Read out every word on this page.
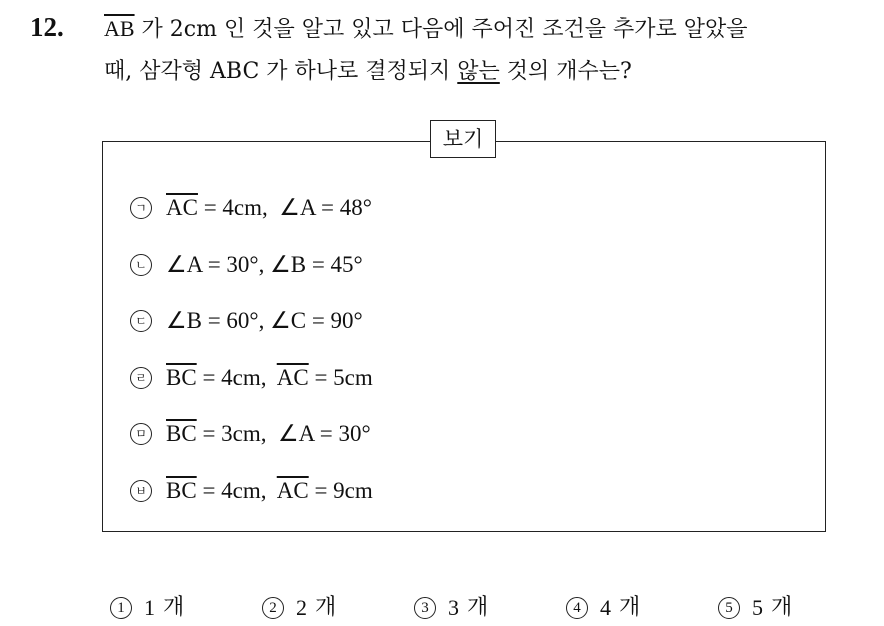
12. $\overline{AB}$ 가 2cm 인 것을 알고 있고 다음에 주어진 조건을 추가로 알았을
때, 삼각형 ABC 가 하나로 결정되지 않는 것의 개수는?
보기
ㄱ $\overline{AC} = 4cm$,  ∠A = 48°
ㄴ ∠A = 30°, ∠B = 45°
ㄷ ∠B = 60°, ∠C = 90°
ㄹ $\overline{BC} = 4cm$,  $\overline{AC} = 5cm$
ㅁ $\overline{BC} = 3cm$,  ∠A = 30°
ㅂ $\overline{BC} = 4cm$,  $\overline{AC} = 9cm$
1 1 개	2 2 개	3 3 개	4 4 개	5 5 개
